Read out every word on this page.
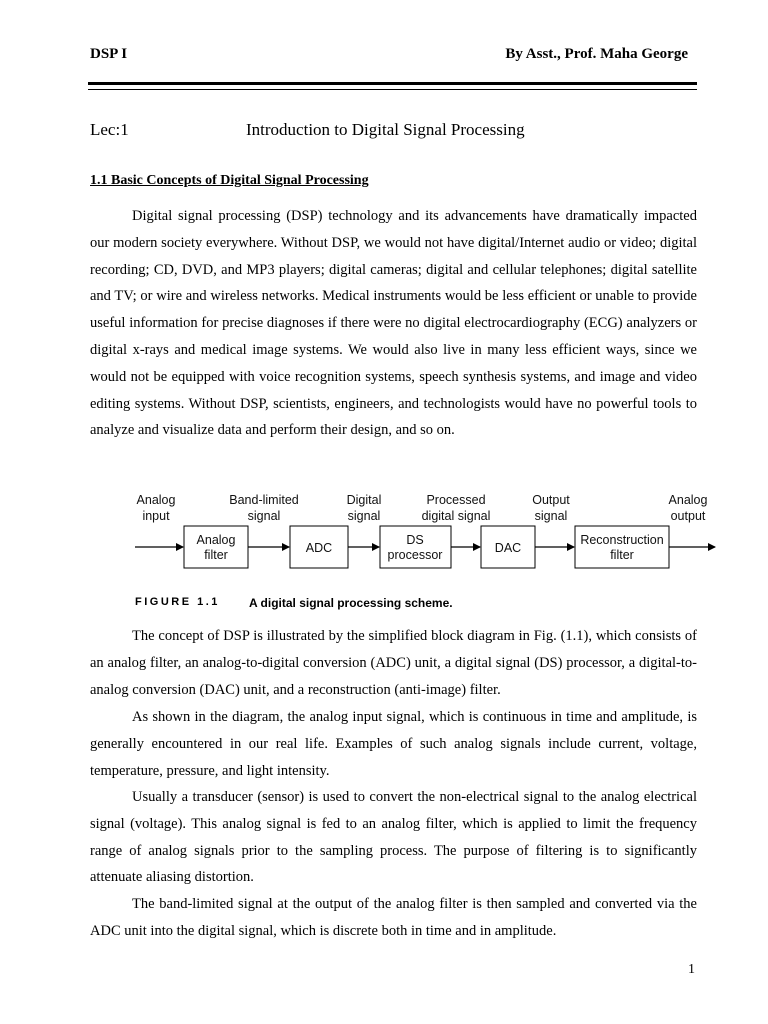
DSP I	By Asst., Prof. Maha George
Lec:1	Introduction to Digital Signal Processing
1.1 Basic Concepts of Digital Signal Processing

Digital signal processing (DSP) technology and its advancements have dramatically impacted our modern society everywhere. Without DSP, we would not have digital/Internet audio or video; digital recording; CD, DVD, and MP3 players; digital cameras; digital and cellular telephones; digital satellite and TV; or wire and wireless networks. Medical instruments would be less efficient or unable to provide useful information for precise diagnoses if there were no digital electrocardiography (ECG) analyzers or digital x-rays and medical image systems. We would also live in many less efficient ways, since we would not be equipped with voice recognition systems, speech synthesis systems, and image and video editing systems. Without DSP, scientists, engineers, and technologists would have no powerful tools to analyze and visualize data and perform their design, and so on.

Analog
input
Band-limited
signal
Digital
signal
Processed
digital signal
Output
signal
Analog
output
Analog
filter	ADC
DS
processor	DAC
Reconstruction
filter
FIGURE 1.1 A digital signal processing scheme.

The concept of DSP is illustrated by the simplified block diagram in Fig. (1.1), which consists of an analog filter, an analog-to-digital conversion (ADC) unit, a digital signal (DS) processor, a digital-to-analog conversion (DAC) unit, and a reconstruction (anti-image) filter.

As shown in the diagram, the analog input signal, which is continuous in time and amplitude, is generally encountered in our real life. Examples of such analog signals include current, voltage, temperature, pressure, and light intensity.

Usually a transducer (sensor) is used to convert the non-electrical signal to the analog electrical signal (voltage). This analog signal is fed to an analog filter, which is applied to limit the frequency range of analog signals prior to the sampling process. The purpose of filtering is to significantly attenuate aliasing distortion.

The band-limited signal at the output of the analog filter is then sampled and converted via the ADC unit into the digital signal, which is discrete both in time and in amplitude.

1
